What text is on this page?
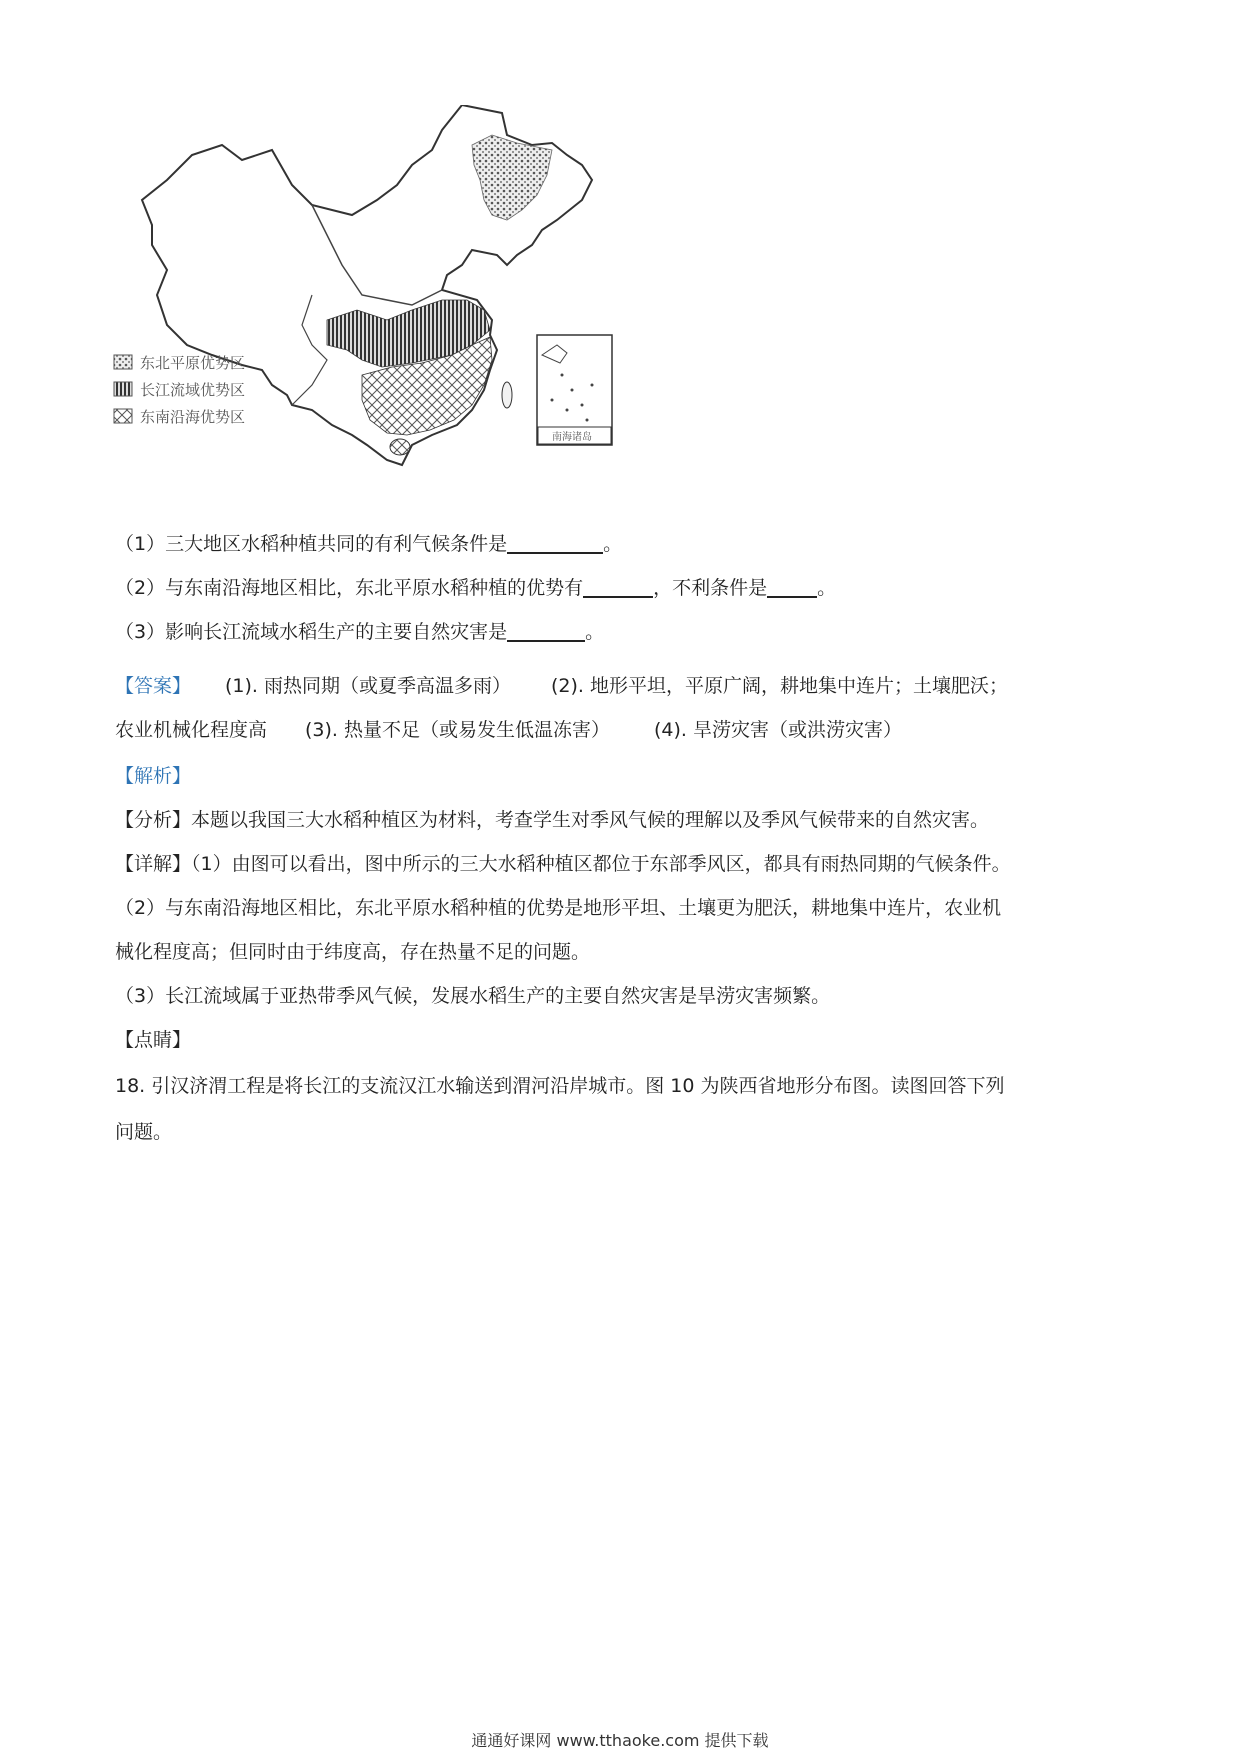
东北平原优势区
长江流域优势区
东南沿海优势区
南海诸岛
（1）三大地区水稻种植共同的有利气候条件是	。
（2）与东南沿海地区相比，东北平原水稻种植的优势有	，不利条件是	。
（3）影响长江流域水稻生产的主要自然灾害是	。
【答案】 (1). 雨热同期（或夏季高温多雨） (2). 地形平坦，平原广阔，耕地集中连片；土壤肥沃；
农业机械化程度高 (3). 热量不足（或易发生低温冻害） (4). 旱涝灾害（或洪涝灾害）
【解析】
【分析】本题以我国三大水稻种植区为材料，考查学生对季风气候的理解以及季风气候带来的自然灾害。
【详解】（1）由图可以看出，图中所示的三大水稻种植区都位于东部季风区，都具有雨热同期的气候条件。
（2）与东南沿海地区相比，东北平原水稻种植的优势是地形平坦、土壤更为肥沃，耕地集中连片，农业机
械化程度高；但同时由于纬度高，存在热量不足的问题。
（3）长江流域属于亚热带季风气候，发展水稻生产的主要自然灾害是旱涝灾害频繁。
【点睛】
18. 引汉济渭工程是将长江的支流汉江水输送到渭河沿岸城市。图 10 为陕西省地形分布图。读图回答下列
问题。
通通好课网 www.tthaoke.com 提供下载
